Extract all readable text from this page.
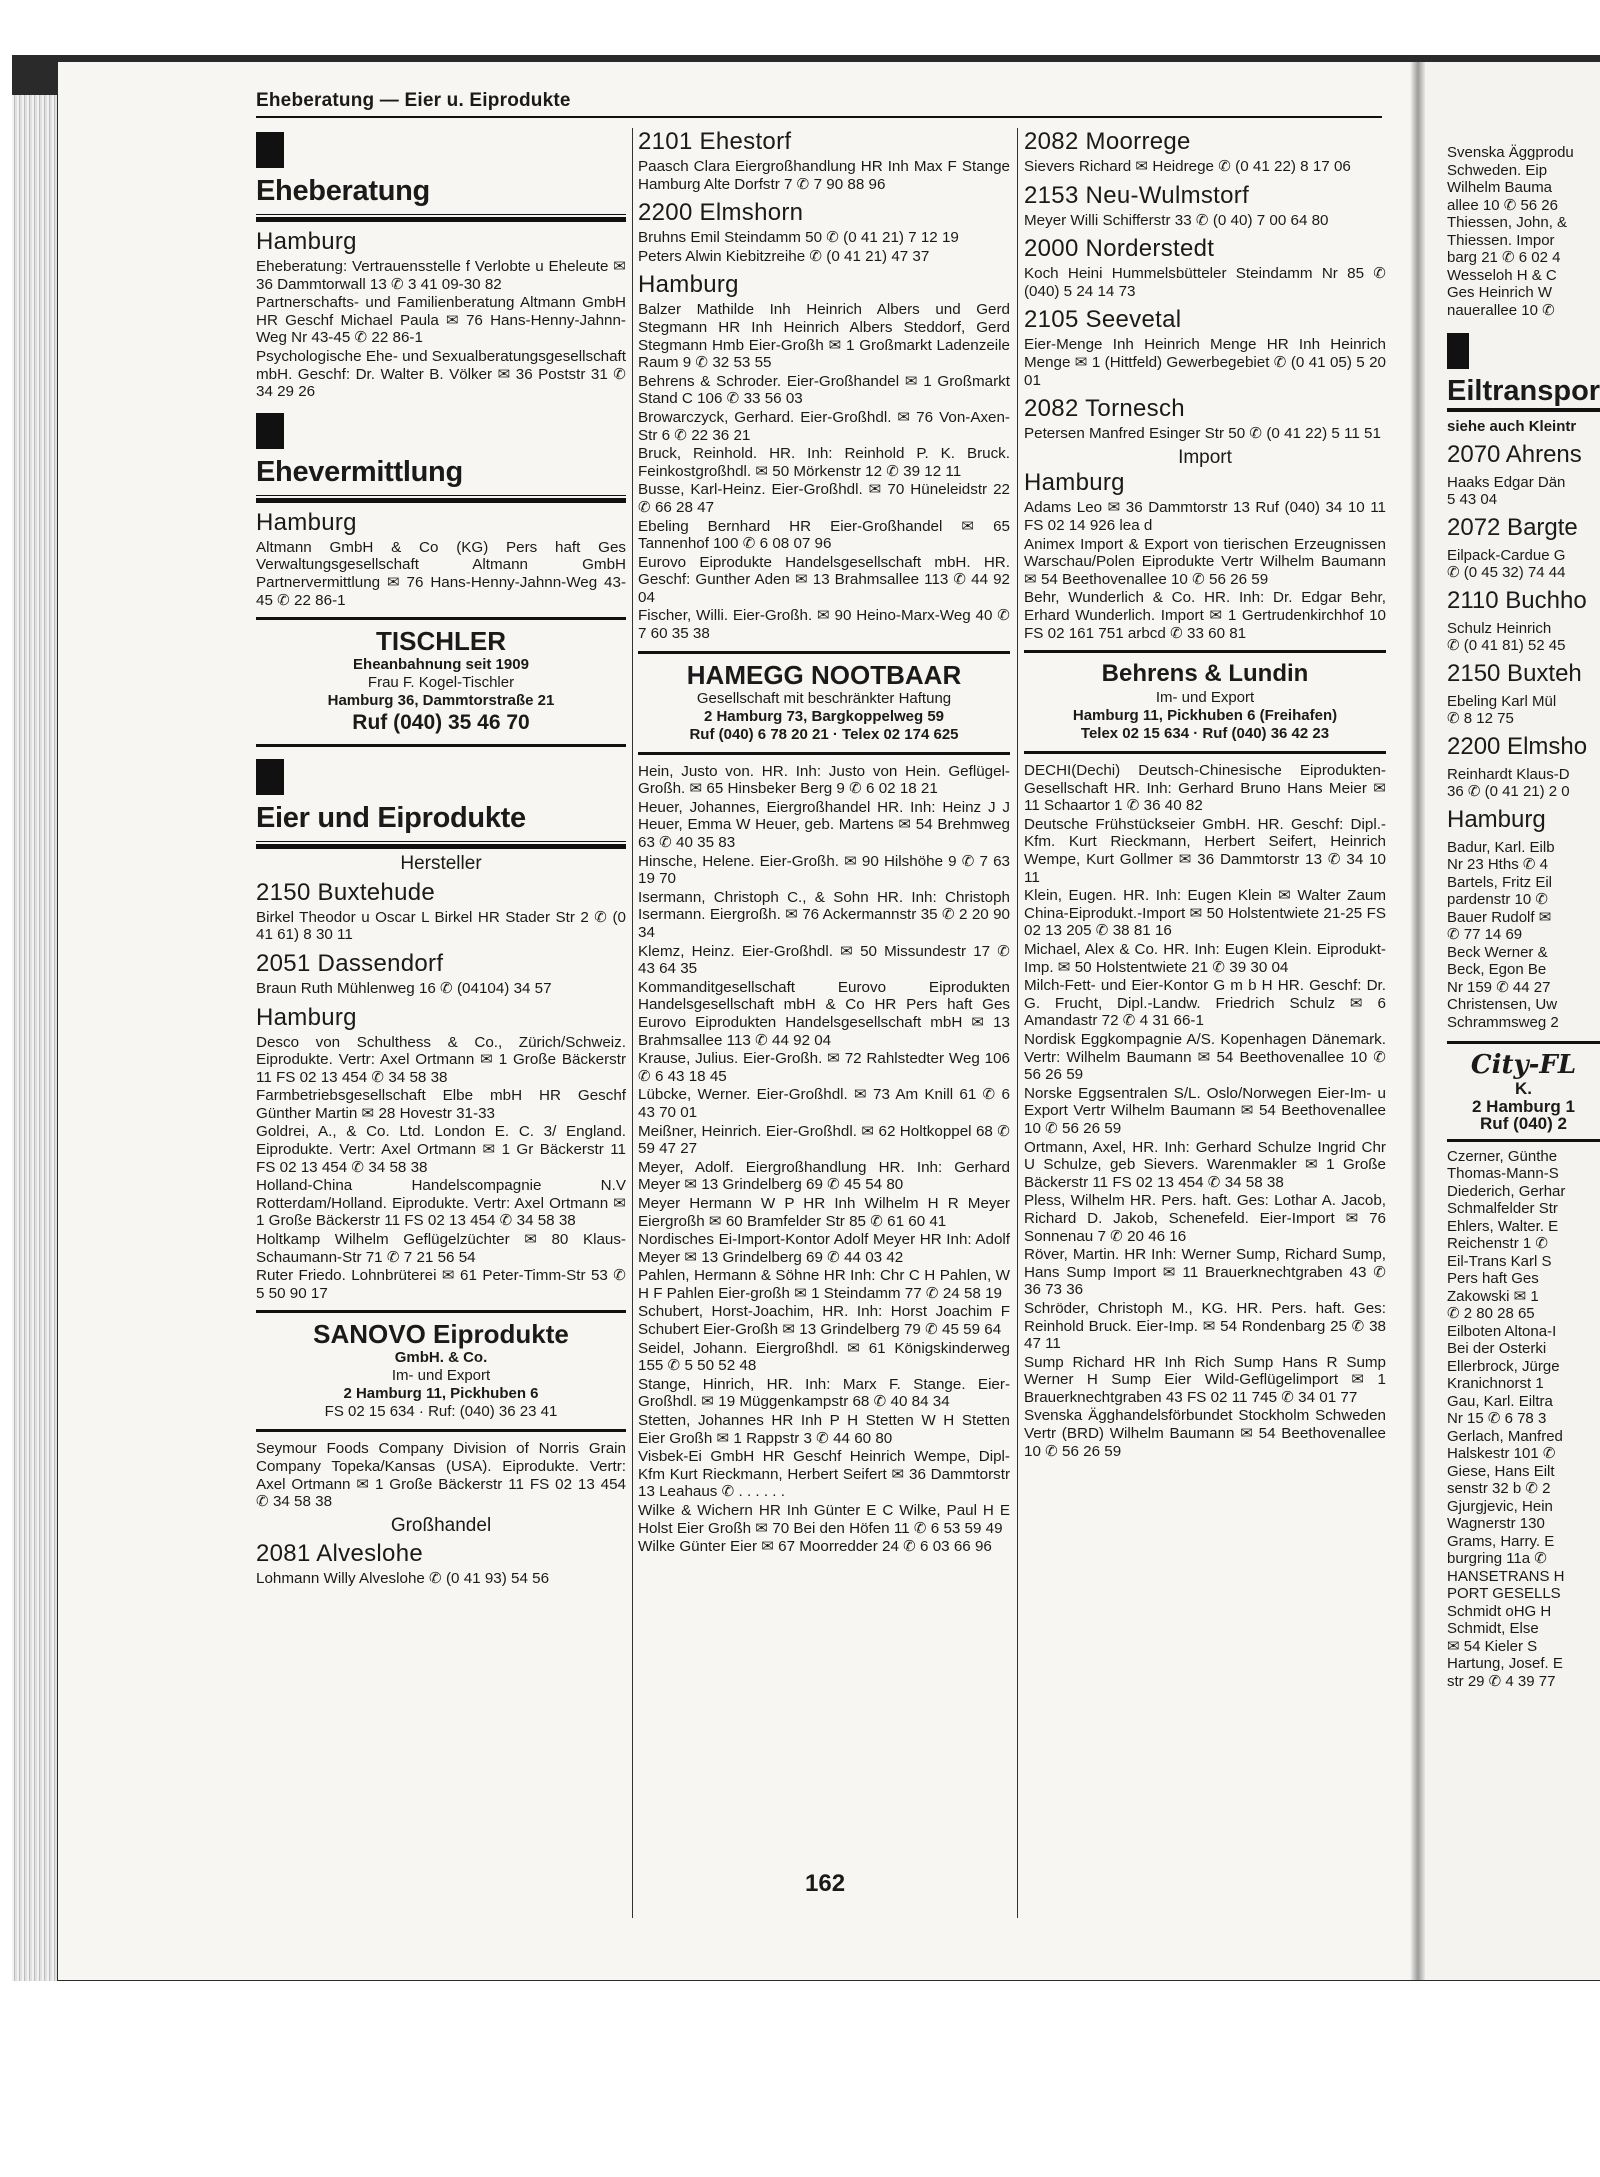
Eheberatung — Eier u. Eiprodukte
Eheberatung
Hamburg
Eheberatung: Vertrauensstelle f Verlobte u Eheleute ✉ 36 Dammtorwall 13 ✆ 3 41 09-30 82
Partnerschafts- und Familienberatung Altmann GmbH HR Geschf Michael Paula ✉ 76 Hans-Henny-Jahnn-Weg Nr 43-45 ✆ 22 86-1
Psychologische Ehe- und Sexualberatungsgesellschaft mbH. Geschf: Dr. Walter B. Völker ✉ 36 Poststr 31 ✆ 34 29 26
Ehevermittlung
Hamburg
Altmann GmbH & Co (KG) Pers haft Ges Verwaltungsgesellschaft Altmann GmbH Partnervermittlung ✉ 76 Hans-Henny-Jahnn-Weg 43-45 ✆ 22 86-1
TISCHLER
Eheanbahnung seit 1909
Frau F. Kogel-Tischler
Hamburg 36, Dammtorstraße 21
Ruf (040) 35 46 70
Eier und Eiprodukte
Hersteller
2150 Buxtehude
Birkel Theodor u Oscar L Birkel HR Stader Str 2 ✆ (0 41 61) 8 30 11
2051 Dassendorf
Braun Ruth Mühlenweg 16 ✆ (04104) 34 57
Hamburg
Desco von Schulthess & Co., Zürich/Schweiz. Eiprodukte. Vertr: Axel Ortmann ✉ 1 Große Bäckerstr 11 FS 02 13 454 ✆ 34 58 38
Farmbetriebsgesellschaft Elbe mbH HR Geschf Günther Martin ✉ 28 Hovestr 31-33
Goldrei, A., & Co. Ltd. London E. C. 3/ England. Eiprodukte. Vertr: Axel Ortmann ✉ 1 Gr Bäckerstr 11 FS 02 13 454 ✆ 34 58 38
Holland-China Handelscompagnie N.V Rotterdam/Holland. Eiprodukte. Vertr: Axel Ortmann ✉ 1 Große Bäckerstr 11 FS 02 13 454 ✆ 34 58 38
Holtkamp Wilhelm Geflügelzüchter ✉ 80 Klaus-Schaumann-Str 71 ✆ 7 21 56 54
Ruter Friedo. Lohnbrüterei ✉ 61 Peter-Timm-Str 53 ✆ 5 50 90 17
SANOVO Eiprodukte
GmbH. & Co.
Im- und Export
2 Hamburg 11, Pickhuben 6
FS 02 15 634 · Ruf: (040) 36 23 41
Seymour Foods Company Division of Norris Grain Company Topeka/Kansas (USA). Eiprodukte. Vertr: Axel Ortmann ✉ 1 Große Bäckerstr 11 FS 02 13 454 ✆ 34 58 38
Großhandel
2081 Alveslohe
Lohmann Willy Alveslohe ✆ (0 41 93) 54 56
2101 Ehestorf
Paasch Clara Eiergroßhandlung HR Inh Max F Stange Hamburg Alte Dorfstr 7 ✆ 7 90 88 96
2200 Elmshorn
Bruhns Emil Steindamm 50 ✆ (0 41 21) 7 12 19
Peters Alwin Kiebitzreihe ✆ (0 41 21) 47 37
Hamburg
Balzer Mathilde Inh Heinrich Albers und Gerd Stegmann HR Inh Heinrich Albers Steddorf, Gerd Stegmann Hmb Eier-Großh ✉ 1 Großmarkt Ladenzeile Raum 9 ✆ 32 53 55
Behrens & Schroder. Eier-Großhandel ✉ 1 Großmarkt Stand C 106 ✆ 33 56 03
Browarczyck, Gerhard. Eier-Großhdl. ✉ 76 Von-Axen-Str 6 ✆ 22 36 21
Bruck, Reinhold. HR. Inh: Reinhold P. K. Bruck. Feinkostgroßhdl. ✉ 50 Mörkenstr 12 ✆ 39 12 11
Busse, Karl-Heinz. Eier-Großhdl. ✉ 70 Hüneleidstr 22 ✆ 66 28 47
Ebeling Bernhard HR Eier-Großhandel ✉ 65 Tannenhof 100 ✆ 6 08 07 96
Eurovo Eiprodukte Handelsgesellschaft mbH. HR. Geschf: Gunther Aden ✉ 13 Brahmsallee 113 ✆ 44 92 04
Fischer, Willi. Eier-Großh. ✉ 90 Heino-Marx-Weg 40 ✆ 7 60 35 38
HAMEGG NOOTBAAR
Gesellschaft mit beschränkter Haftung
2 Hamburg 73, Bargkoppelweg 59
Ruf (040) 6 78 20 21 · Telex 02 174 625
Hein, Justo von. HR. Inh: Justo von Hein. Geflügel-Großh. ✉ 65 Hinsbeker Berg 9 ✆ 6 02 18 21
Heuer, Johannes, Eiergroßhandel HR. Inh: Heinz J J Heuer, Emma W Heuer, geb. Martens ✉ 54 Brehmweg 63 ✆ 40 35 83
Hinsche, Helene. Eier-Großh. ✉ 90 Hilshöhe 9 ✆ 7 63 19 70
Isermann, Christoph C., & Sohn HR. Inh: Christoph Isermann. Eiergroßh. ✉ 76 Ackermannstr 35 ✆ 2 20 90 34
Klemz, Heinz. Eier-Großhdl. ✉ 50 Missundestr 17 ✆ 43 64 35
Kommanditgesellschaft Eurovo Eiprodukten Handelsgesellschaft mbH & Co HR Pers haft Ges Eurovo Eiprodukten Handelsgesellschaft mbH ✉ 13 Brahmsallee 113 ✆ 44 92 04
Krause, Julius. Eier-Großh. ✉ 72 Rahlstedter Weg 106 ✆ 6 43 18 45
Lübcke, Werner. Eier-Großhdl. ✉ 73 Am Knill 61 ✆ 6 43 70 01
Meißner, Heinrich. Eier-Großhdl. ✉ 62 Holtkoppel 68 ✆ 59 47 27
Meyer, Adolf. Eiergroßhandlung HR. Inh: Gerhard Meyer ✉ 13 Grindelberg 69 ✆ 45 54 80
Meyer Hermann W P HR Inh Wilhelm H R Meyer Eiergroßh ✉ 60 Bramfelder Str 85 ✆ 61 60 41
Nordisches Ei-Import-Kontor Adolf Meyer HR Inh: Adolf Meyer ✉ 13 Grindelberg 69 ✆ 44 03 42
Pahlen, Hermann & Söhne HR Inh: Chr C H Pahlen, W H F Pahlen Eier-großh ✉ 1 Steindamm 77 ✆ 24 58 19
Schubert, Horst-Joachim, HR. Inh: Horst Joachim F Schubert Eier-Großh ✉ 13 Grindelberg 79 ✆ 45 59 64
Seidel, Johann. Eiergroßhdl. ✉ 61 Königskinderweg 155 ✆ 5 50 52 48
Stange, Hinrich, HR. Inh: Marx F. Stange. Eier-Großhdl. ✉ 19 Müggenkampstr 68 ✆ 40 84 34
Stetten, Johannes HR Inh P H Stetten W H Stetten Eier Großh ✉ 1 Rappstr 3 ✆ 44 60 80
Visbek-Ei GmbH HR Geschf Heinrich Wempe, Dipl-Kfm Kurt Rieckmann, Herbert Seifert ✉ 36 Dammtorstr 13 Leahaus ✆ . . . . . .
Wilke & Wichern HR Inh Günter E C Wilke, Paul H E Holst Eier Großh ✉ 70 Bei den Höfen 11 ✆ 6 53 59 49
Wilke Günter Eier ✉ 67 Moorredder 24 ✆ 6 03 66 96
2082 Moorrege
Sievers Richard ✉ Heidrege ✆ (0 41 22) 8 17 06
2153 Neu-Wulmstorf
Meyer Willi Schifferstr 33 ✆ (0 40) 7 00 64 80
2000 Norderstedt
Koch Heini Hummelsbütteler Steindamm Nr 85 ✆ (040) 5 24 14 73
2105 Seevetal
Eier-Menge Inh Heinrich Menge HR Inh Heinrich Menge ✉ 1 (Hittfeld) Gewerbegebiet ✆ (0 41 05) 5 20 01
2082 Tornesch
Petersen Manfred Esinger Str 50 ✆ (0 41 22) 5 11 51
Import
Hamburg
Adams Leo ✉ 36 Dammtorstr 13 Ruf (040) 34 10 11 FS 02 14 926 lea d
Animex Import & Export von tierischen Erzeugnissen Warschau/Polen Eiprodukte Vertr Wilhelm Baumann ✉ 54 Beethovenallee 10 ✆ 56 26 59
Behr, Wunderlich & Co. HR. Inh: Dr. Edgar Behr, Erhard Wunderlich. Import ✉ 1 Gertrudenkirchhof 10 FS 02 161 751 arbcd ✆ 33 60 81
Behrens & Lundin
Im- und Export
Hamburg 11, Pickhuben 6 (Freihafen)
Telex 02 15 634 · Ruf (040) 36 42 23
DECHI(Dechi) Deutsch-Chinesische Eiprodukten-Gesellschaft HR. Inh: Gerhard Bruno Hans Meier ✉ 11 Schaartor 1 ✆ 36 40 82
Deutsche Frühstückseier GmbH. HR. Geschf: Dipl.-Kfm. Kurt Rieckmann, Herbert Seifert, Heinrich Wempe, Kurt Gollmer ✉ 36 Dammtorstr 13 ✆ 34 10 11
Klein, Eugen. HR. Inh: Eugen Klein ✉ Walter Zaum China-Eiprodukt.-Import ✉ 50 Holstentwiete 21-25 FS 02 13 205 ✆ 38 81 16
Michael, Alex & Co. HR. Inh: Eugen Klein. Eiprodukt-Imp. ✉ 50 Holstentwiete 21 ✆ 39 30 04
Milch-Fett- und Eier-Kontor G m b H HR. Geschf: Dr. G. Frucht, Dipl.-Landw. Friedrich Schulz ✉ 6 Amandastr 72 ✆ 4 31 66-1
Nordisk Eggkompagnie A/S. Kopenhagen Dänemark. Vertr: Wilhelm Baumann ✉ 54 Beethovenallee 10 ✆ 56 26 59
Norske Eggsentralen S/L. Oslo/Norwegen Eier-Im- u Export Vertr Wilhelm Baumann ✉ 54 Beethovenallee 10 ✆ 56 26 59
Ortmann, Axel, HR. Inh: Gerhard Schulze Ingrid Chr U Schulze, geb Sievers. Warenmakler ✉ 1 Große Bäckerstr 11 FS 02 13 454 ✆ 34 58 38
Pless, Wilhelm HR. Pers. haft. Ges: Lothar A. Jacob, Richard D. Jakob, Schenefeld. Eier-Import ✉ 76 Sonnenau 7 ✆ 20 46 16
Röver, Martin. HR Inh: Werner Sump, Richard Sump, Hans Sump Import ✉ 11 Brauerknechtgraben 43 ✆ 36 73 36
Schröder, Christoph M., KG. HR. Pers. haft. Ges: Reinhold Bruck. Eier-Imp. ✉ 54 Rondenbarg 25 ✆ 38 47 11
Sump Richard HR Inh Rich Sump Hans R Sump Werner H Sump Eier Wild-Geflügelimport ✉ 1 Brauerknechtgraben 43 FS 02 11 745 ✆ 34 01 77
Svenska Ägghandelsförbundet Stockholm Schweden Vertr (BRD) Wilhelm Baumann ✉ 54 Beethovenallee 10 ✆ 56 26 59
162
Svenska Äggprodu
Schweden. Eip
Wilhelm Bauma
allee 10 ✆ 56 26
Thiessen, John, &
Thiessen. Impor
barg 21 ✆ 6 02 4
Wesseloh H & C
Ges Heinrich W
nauerallee 10 ✆
Eiltranspor
siehe auch Kleintr
2070 Ahrens
Haaks Edgar Dän
5 43 04
2072 Bargte
Eilpack-Cardue G
✆ (0 45 32) 74 44
2110 Buchho
Schulz Heinrich
✆ (0 41 81) 52 45
2150 Buxteh
Ebeling Karl Mül
✆ 8 12 75
2200 Elmsho
Reinhardt Klaus-D
36 ✆ (0 41 21) 2 0
Hamburg
Badur, Karl. Eilb
Nr 23 Hths ✆ 4
Bartels, Fritz Eil
pardenstr 10 ✆
Bauer Rudolf ✉
✆ 77 14 69
Beck Werner &
Beck, Egon Be
Nr 159 ✆ 44 27
Christensen, Uw
Schrammsweg 2
City-FL
K.
2 Hamburg 1
Ruf (040) 2
Czerner, Günthe
Thomas-Mann-S
Diederich, Gerhar
Schmalfelder Str
Ehlers, Walter. E
Reichenstr 1 ✆
Eil-Trans Karl S
Pers haft Ges
Zakowski ✉ 1
✆ 2 80 28 65
Eilboten Altona-I
Bei der Osterki
Ellerbrock, Jürge
Kranichnorst 1
Gau, Karl. Eiltra
Nr 15 ✆ 6 78 3
Gerlach, Manfred
Halskestr 101 ✆
Giese, Hans Eilt
senstr 32 b ✆ 2
Gjurgjevic, Hein
Wagnerstr 130
Grams, Harry. E
burgring 11a ✆
HANSETRANS H
PORT GESELLS
Schmidt oHG H
Schmidt, Else
✉ 54 Kieler S
Hartung, Josef. E
str 29 ✆ 4 39 77
